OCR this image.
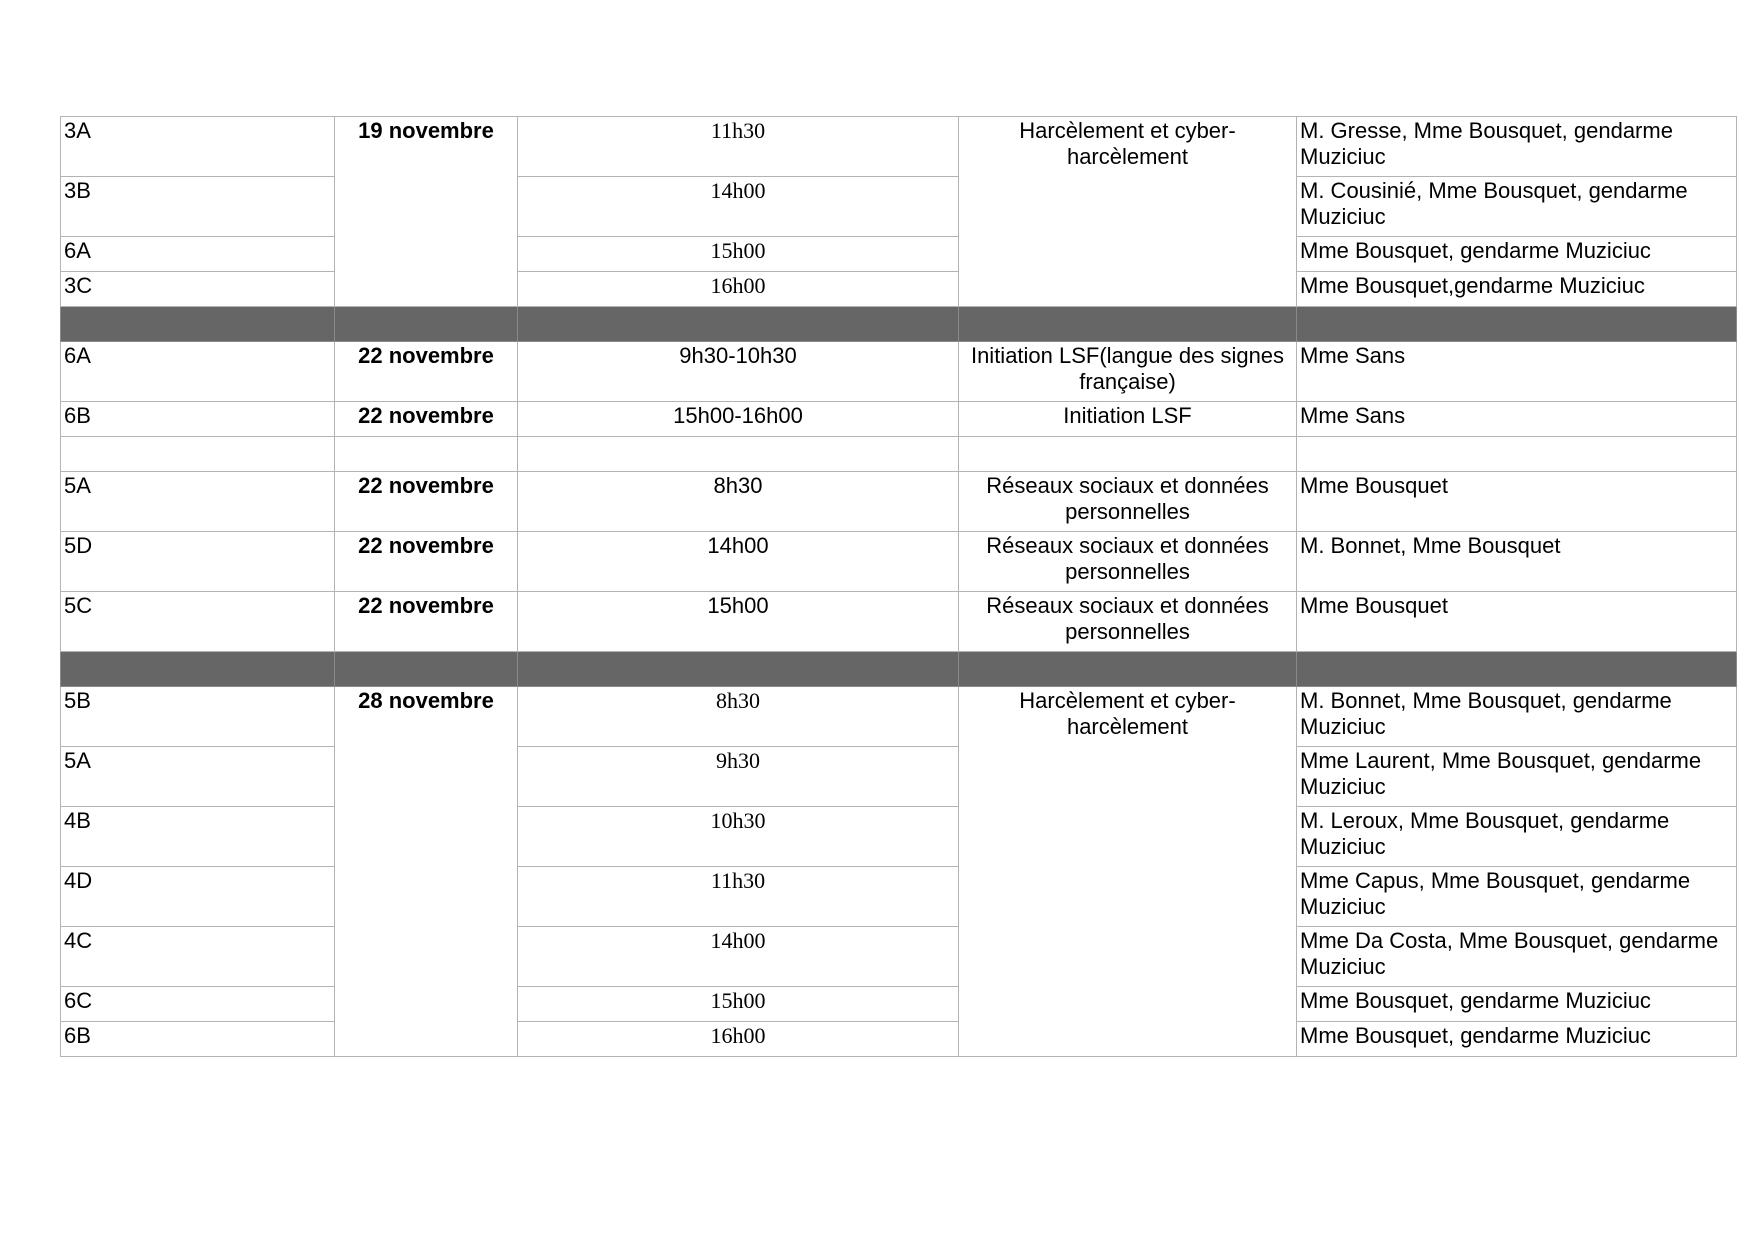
3A	19 novembre	11h30	Harcèlement et cyber-harcèlement	M. Gresse, Mme Bousquet, gendarme Muziciuc
3B		14h00		M. Cousinié, Mme Bousquet, gendarme Muziciuc
6A		15h00		Mme Bousquet, gendarme Muziciuc
3C		16h00		Mme Bousquet,gendarme Muziciuc

6A	22 novembre	9h30-10h30	Initiation LSF(langue des signes française)	Mme Sans
6B	22 novembre	15h00-16h00	Initiation LSF	Mme Sans

5A	22 novembre	8h30	Réseaux sociaux et données personnelles	Mme Bousquet
5D	22 novembre	14h00	Réseaux sociaux et données personnelles	M. Bonnet, Mme Bousquet
5C	22 novembre	15h00	Réseaux sociaux et données personnelles	Mme Bousquet

5B	28 novembre	8h30	Harcèlement et cyber-harcèlement	M. Bonnet, Mme Bousquet, gendarme Muziciuc
5A		9h30		Mme Laurent, Mme Bousquet, gendarme Muziciuc
4B		10h30		M. Leroux, Mme Bousquet, gendarme Muziciuc
4D		11h30		Mme Capus, Mme Bousquet, gendarme Muziciuc
4C		14h00		Mme Da Costa, Mme Bousquet, gendarme Muziciuc
6C		15h00		Mme Bousquet, gendarme Muziciuc
6B		16h00		Mme Bousquet, gendarme Muziciuc
